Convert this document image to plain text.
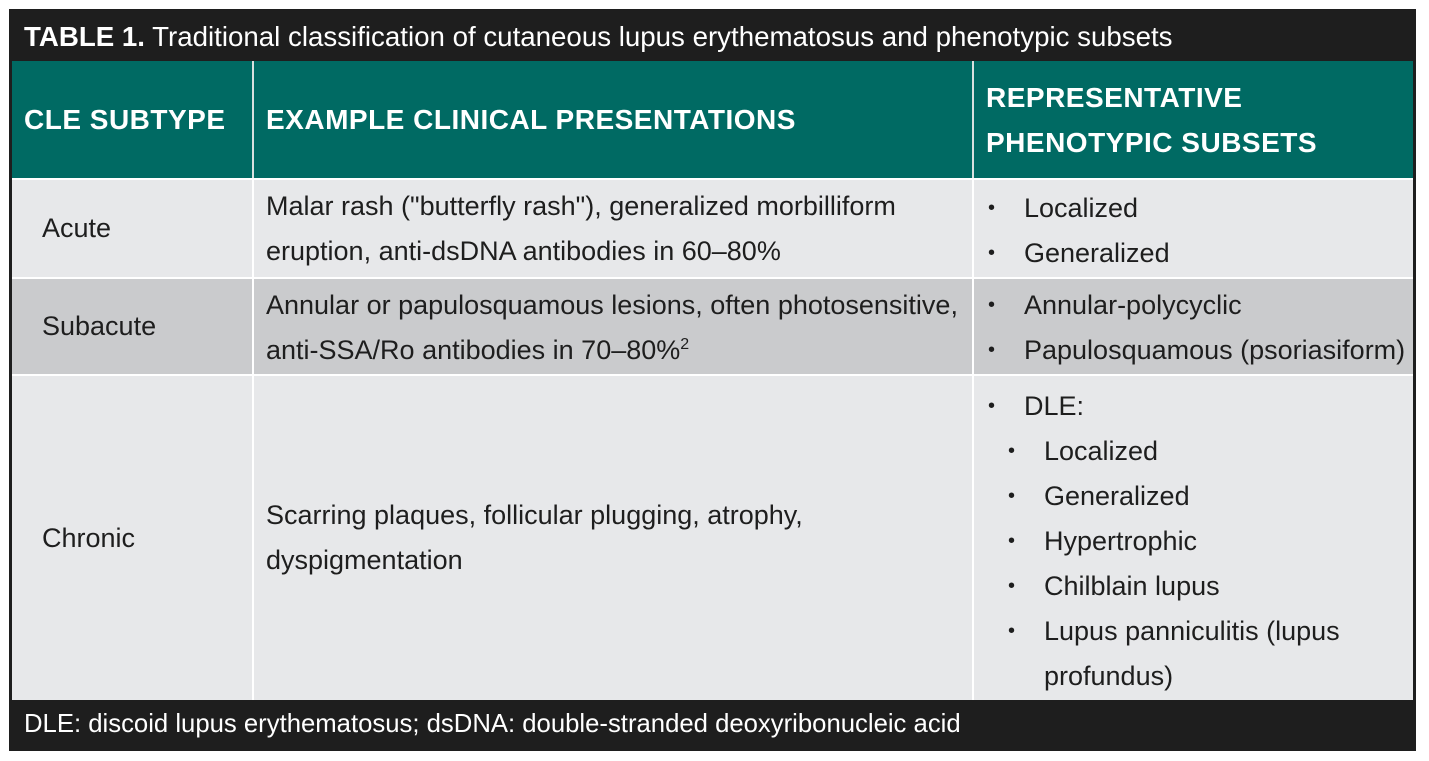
TABLE 1. Traditional classification of cutaneous lupus erythematosus and phenotypic subsets
CLE SUBTYPE	EXAMPLE CLINICAL PRESENTATIONS
REPRESENTATIVE PHENOTYPIC SUBSETS
Acute

Malar rash ("butterfly rash"), generalized morbilliform eruption, anti-dsDNA antibodies in 60–80%

• Localized
• Generalized
Subacute

Annular or papulosquamous lesions, often photosensitive, anti-SSA/Ro antibodies in 70–80%$^2$

• Annular-polycyclic
• Papulosquamous (psoriasiform)
Chronic

Scarring plaques, follicular plugging, atrophy, dyspigmentation

• DLE:
• Localized
• Generalized
• Hypertrophic
• Chilblain lupus
• Lupus panniculitis (lupus profundus)
DLE: discoid lupus erythematosus; dsDNA: double-stranded deoxyribonucleic acid
